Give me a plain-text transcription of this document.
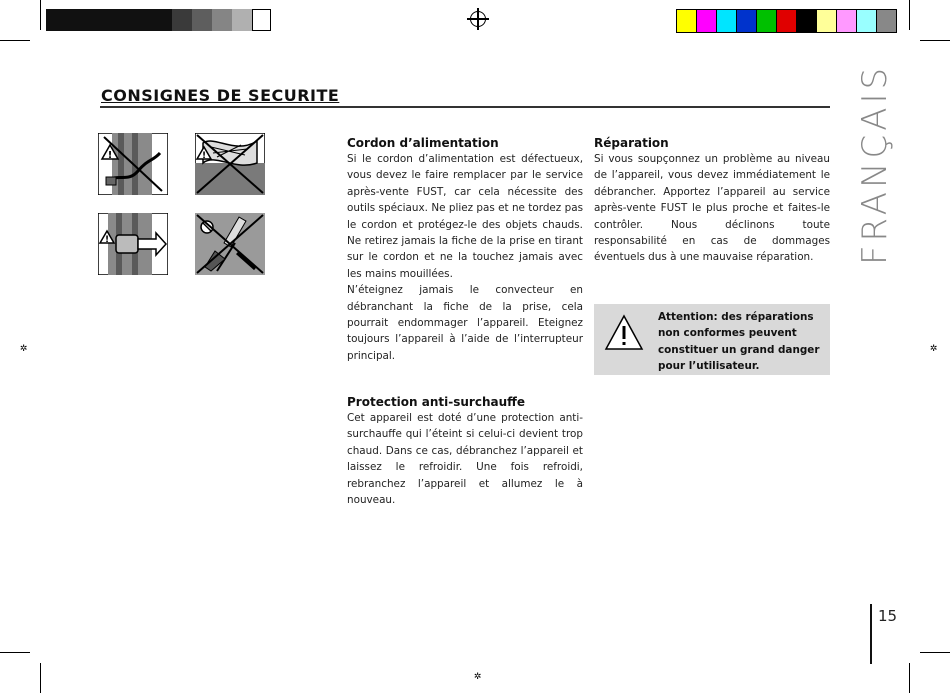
✲	✲
✲
CONSIGNES DE SECURITE	FRANÇAIS
!	!
!
Cordon d’alimentation

Si le cordon d’alimentation est défectueux, vous devez le faire remplacer par le service après-vente FUST, car cela nécessite des outils spéciaux. Ne pliez pas et ne tordez pas le cordon et protégez-le des objets chauds. Ne retirez jamais la fiche de la prise en tirant sur le cordon et ne la touchez jamais avec les mains mouillées.

N’éteignez jamais le convecteur en débranchant la fiche de la prise, cela pourrait endommager l’appareil. Eteignez toujours l’appareil à l’aide de l’interrupteur principal.

Protection anti-surchauffe

Cet appareil est doté d’une protection anti-surchauffe qui l’éteint si celui-ci devient trop chaud. Dans ce cas, débranchez l’appareil et laissez le refroidir. Une fois refroidi, rebranchez l’appareil et allumez le à nouveau.

Réparation

Si vous soupçonnez un problème au niveau de l’appareil, vous devez immédiatement le débrancher. Apportez l’appareil au service après-vente FUST le plus proche et faites-le contrôler. Nous déclinons toute responsabilité en cas de dommages éventuels dus à une mauvaise réparation.

Attention: des réparations non conformes peuvent constituer un grand danger pour l’utilisateur.
15
